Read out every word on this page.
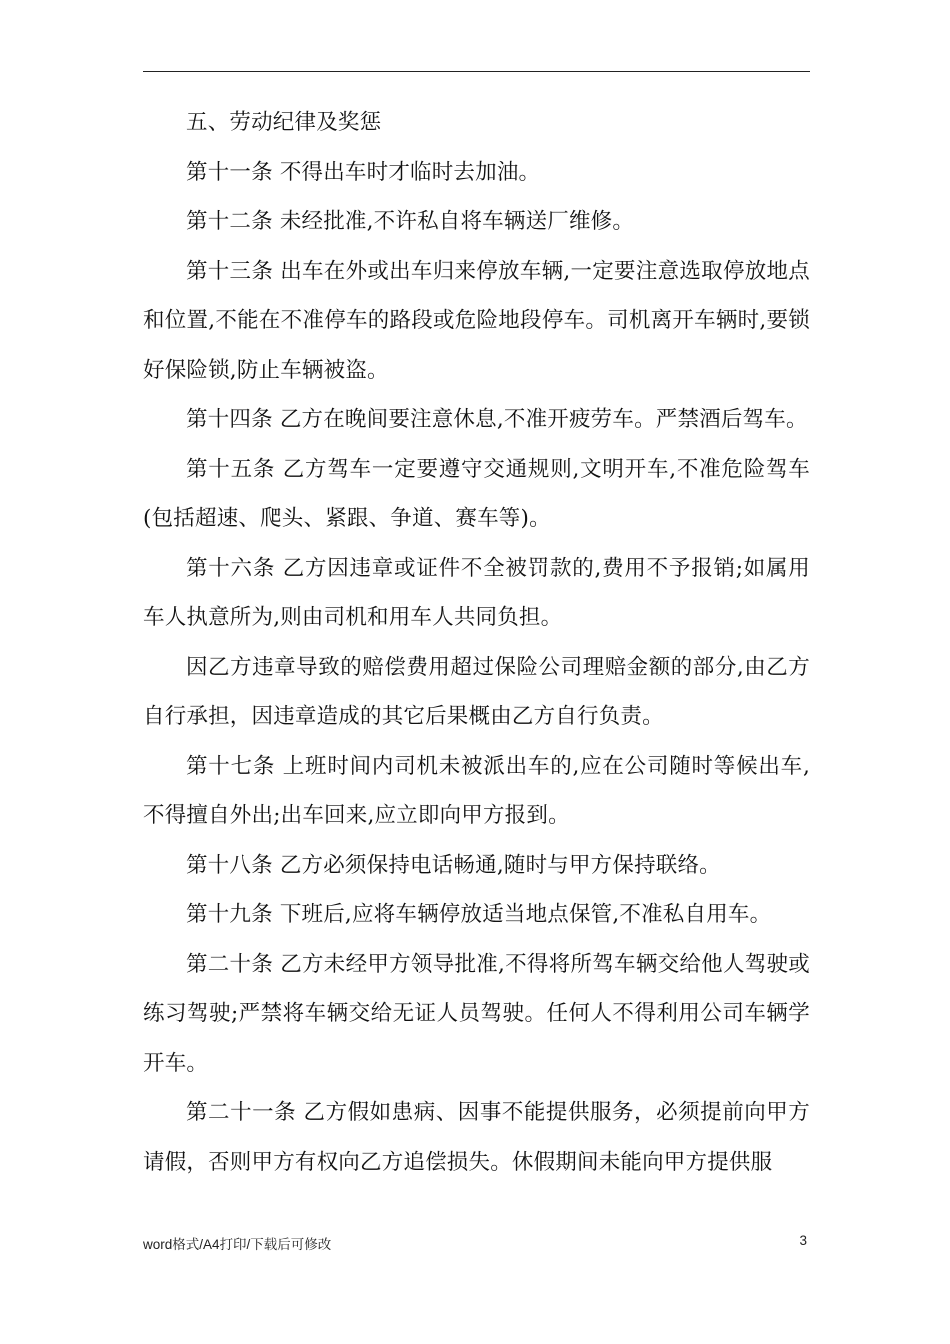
五、劳动纪律及奖惩

第十一条 不得出车时才临时去加油。

第十二条 未经批准,不许私自将车辆送厂维修。

第十三条 出车在外或出车归来停放车辆,一定要注意选取停放地点和位置,不能在不准停车的路段或危险地段停车。司机离开车辆时,要锁好保险锁,防止车辆被盗。

第十四条 乙方在晚间要注意休息,不准开疲劳车。严禁酒后驾车。

第十五条 乙方驾车一定要遵守交通规则,文明开车,不准危险驾车(包括超速、爬头、紧跟、争道、赛车等)。

第十六条 乙方因违章或证件不全被罚款的,费用不予报销;如属用车人执意所为,则由司机和用车人共同负担。

因乙方违章导致的赔偿费用超过保险公司理赔金额的部分,由乙方自行承担，因违章造成的其它后果概由乙方自行负责。

第十七条 上班时间内司机未被派出车的,应在公司随时等候出车,不得擅自外出;出车回来,应立即向甲方报到。

第十八条 乙方必须保持电话畅通,随时与甲方保持联络。

第十九条 下班后,应将车辆停放适当地点保管,不准私自用车。

第二十条 乙方未经甲方领导批准,不得将所驾车辆交给他人驾驶或练习驾驶;严禁将车辆交给无证人员驾驶。任何人不得利用公司车辆学开车。

第二十一条 乙方假如患病、因事不能提供服务，必须提前向甲方请假，否则甲方有权向乙方追偿损失。休假期间未能向甲方提供服

word格式/A4打印/下载后可修改	3
